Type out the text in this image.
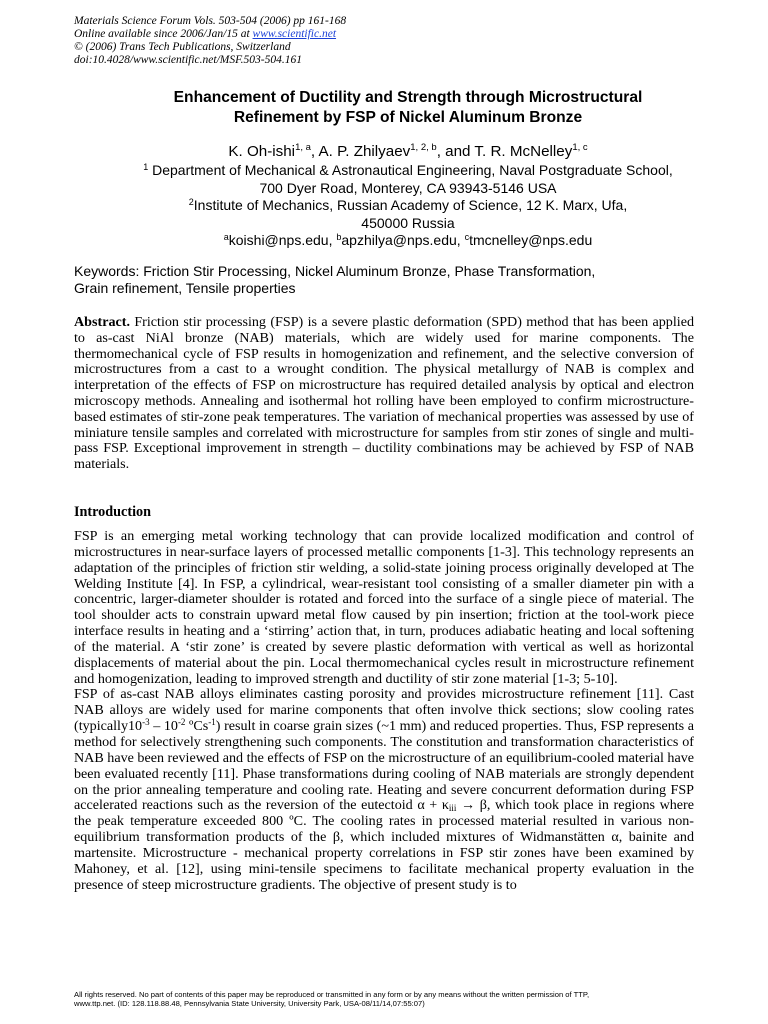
Materials Science Forum Vols. 503-504 (2006) pp 161-168
Online available since 2006/Jan/15 at www.scientific.net
© (2006) Trans Tech Publications, Switzerland
doi:10.4028/www.scientific.net/MSF.503-504.161
Enhancement of Ductility and Strength through Microstructural
Refinement by FSP of Nickel Aluminum Bronze
K. Oh-ishi$^{1, a}$, A. P. Zhilyaev$^{1, 2, b}$, and T. R. McNelley$^{1, c}$
$^1$ Department of Mechanical & Astronautical Engineering, Naval Postgraduate School,
700 Dyer Road, Monterey, CA 93943-5146 USA
$^2$Institute of Mechanics, Russian Academy of Science, 12 K. Marx, Ufa,
450000 Russia
$^a$koishi@nps.edu, $^b$apzhilya@nps.edu, $^c$tmcnelley@nps.edu
Keywords: Friction Stir Processing, Nickel Aluminum Bronze, Phase Transformation,
Grain refinement, Tensile properties
Abstract. Friction stir processing (FSP) is a severe plastic deformation (SPD) method that has been applied to as-cast NiAl bronze (NAB) materials, which are widely used for marine components. The thermomechanical cycle of FSP results in homogenization and refinement, and the selective conversion of microstructures from a cast to a wrought condition. The physical metallurgy of NAB is complex and interpretation of the effects of FSP on microstructure has required detailed analysis by optical and electron microscopy methods. Annealing and isothermal hot rolling have been employed to confirm microstructure-based estimates of stir-zone peak temperatures. The variation of mechanical properties was assessed by use of miniature tensile samples and correlated with microstructure for samples from stir zones of single and multi-pass FSP. Exceptional improvement in strength – ductility combinations may be achieved by FSP of NAB materials.
Introduction

FSP is an emerging metal working technology that can provide localized modification and control of microstructures in near-surface layers of processed metallic components [1-3]. This technology represents an adaptation of the principles of friction stir welding, a solid-state joining process originally developed at The Welding Institute [4]. In FSP, a cylindrical, wear-resistant tool consisting of a smaller diameter pin with a concentric, larger-diameter shoulder is rotated and forced into the surface of a single piece of material. The tool shoulder acts to constrain upward metal flow caused by pin insertion; friction at the tool-work piece interface results in heating and a ‘stirring’ action that, in turn, produces adiabatic heating and local softening of the material. A ‘stir zone’ is created by severe plastic deformation with vertical as well as horizontal displacements of material about the pin. Local thermomechanical cycles result in microstructure refinement and homogenization, leading to improved strength and ductility of stir zone material [1-3; 5-10].

FSP of as-cast NAB alloys eliminates casting porosity and provides microstructure refinement [11]. Cast NAB alloys are widely used for marine components that often involve thick sections; slow cooling rates ($typically10^{-3} - 10^{-2}$ ºCs$^{-1}$) result in coarse grain sizes (~1 mm) and reduced properties. Thus, FSP represents a method for selectively strengthening such components. The constitution and transformation characteristics of NAB have been reviewed and the effects of FSP on the microstructure of an equilibrium-cooled material have been evaluated recently [11]. Phase transformations during cooling of NAB materials are strongly dependent on the prior annealing temperature and cooling rate. Heating and severe concurrent deformation during FSP accelerated reactions such as the reversion of the eutectoid $\alpha + \kappa_{iii} \to \beta$, which took place in regions where the peak temperature exceeded 800 ºC. The cooling rates in processed material resulted in various non-equilibrium transformation products of the β, which included mixtures of Widmanstätten α, bainite and martensite. Microstructure - mechanical property correlations in FSP stir zones have been examined by Mahoney, et al. [12], using mini-tensile specimens to facilitate mechanical property evaluation in the presence of steep microstructure gradients. The objective of present study is to

All rights reserved. No part of contents of this paper may be reproduced or transmitted in any form or by any means without the written permission of TTP,
www.ttp.net. (ID: 128.118.88.48, Pennsylvania State University, University Park, USA-08/11/14,07:55:07)
